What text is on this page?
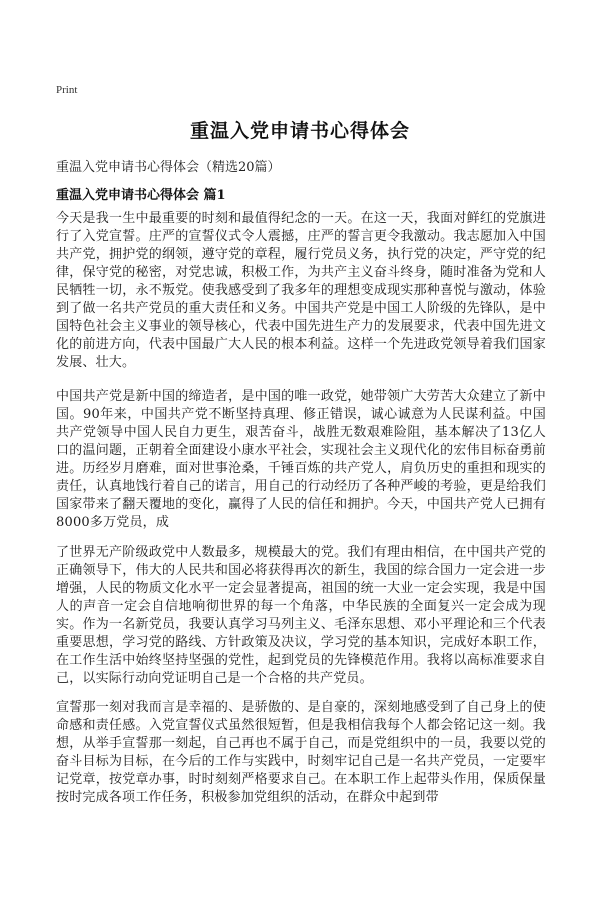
Print
重温入党申请书心得体会
重温入党申请书心得体会（精选20篇）
重温入党申请书心得体会 篇1

今天是我一生中最重要的时刻和最值得纪念的一天。在这一天，我面对鲜红的党旗进行了入党宣誓。庄严的宣誓仪式令人震撼，庄严的誓言更令我激动。我志愿加入中国共产党，拥护党的纲领，遵守党的章程，履行党员义务，执行党的决定，严守党的纪律，保守党的秘密，对党忠诚，积极工作，为共产主义奋斗终身，随时准备为党和人民牺牲一切，永不叛党。使我感受到了我多年的理想变成现实那种喜悦与激动，体验到了做一名共产党员的重大责任和义务。中国共产党是中国工人阶级的先锋队，是中国特色社会主义事业的领导核心，代表中国先进生产力的发展要求，代表中国先进文化的前进方向，代表中国最广大人民的根本利益。这样一个先进政党领导着我们国家发展、壮大。

中国共产党是新中国的缔造者，是中国的唯一政党，她带领广大劳苦大众建立了新中国。90年来，中国共产党不断坚持真理、修正错误，诚心诚意为人民谋利益。中国共产党领导中国人民自力更生，艰苦奋斗，战胜无数艰难险阻，基本解决了13亿人口的温问题，正朝着全面建设小康水平社会，实现社会主义现代化的宏伟目标奋勇前进。历经岁月磨难，面对世事沧桑，千锤百炼的共产党人，肩负历史的重担和现实的责任，认真地饯行着自己的诺言，用自己的行动经历了各种严峻的考验，更是给我们国家带来了翻天覆地的变化，赢得了人民的信任和拥护。今天，中国共产党人已拥有8000多万党员，成

了世界无产阶级政党中人数最多，规模最大的党。我们有理由相信，在中国共产党的正确领导下，伟大的人民共和国必将获得再次的新生，我国的综合国力一定会进一步增强，人民的物质文化水平一定会显著提高，祖国的统一大业一定会实现，我是中国人的声音一定会自信地响彻世界的每一个角落，中华民族的全面复兴一定会成为现实。作为一名新党员，我要认真学习马列主义、毛泽东思想、邓小平理论和三个代表重要思想，学习党的路线、方针政策及决议，学习党的基本知识，完成好本职工作，在工作生活中始终坚持坚强的党性，起到党员的先锋模范作用。我将以高标准要求自己，以实际行动向党证明自己是一个合格的共产党员。

宣誓那一刻对我而言是幸福的、是骄傲的、是自豪的，深刻地感受到了自己身上的使命感和责任感。入党宣誓仪式虽然很短暂，但是我相信我每个人都会铭记这一刻。我想，从举手宣誓那一刻起，自己再也不属于自己，而是党组织中的一员，我要以党的奋斗目标为目标，在今后的工作与实践中，时刻牢记自己是一名共产党员，一定要牢记党章，按党章办事，时时刻刻严格要求自己。在本职工作上起带头作用，保质保量按时完成各项工作任务，积极参加党组织的活动，在群众中起到带
